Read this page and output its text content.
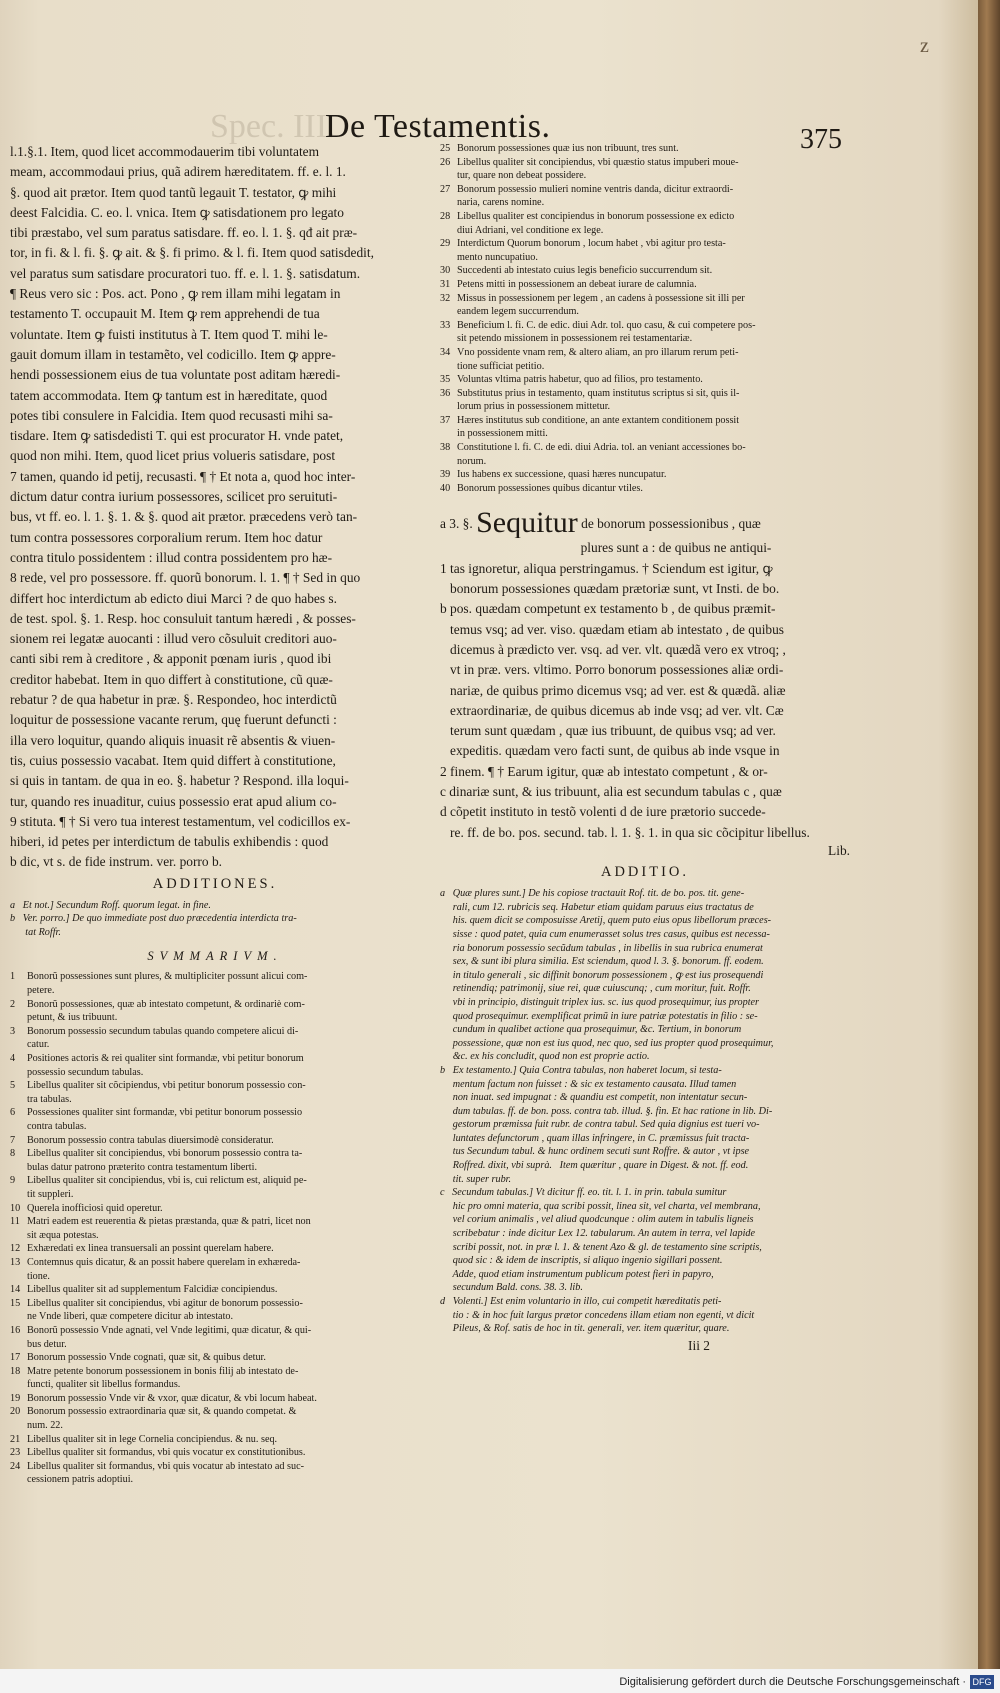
z
Spec. III.
De Testamentis.	375
l.1.§.1. Item, quod licet accommodauerim tibi voluntatem
meam, accommodaui prius, quã adirem hæreditatem. ff. e. l. 1.
§. quod ait prætor. Item quod tantũ legauit T. testator, ꝙ mihi
deest Falcidia. C. eo. l. vnica. Item ꝙ satisdationem pro legato
tibi præstabo, vel sum paratus satisdare. ff. eo. l. 1. §. qđ ait præ-
tor, in fi. & l. fi. §. ꝙ ait. & §. fi primo. & l. fi. Item quod satisdedit,
vel paratus sum satisdare procuratori tuo. ff. e. l. 1. §. satisdatum.
¶ Reus vero sic : Pos. act. Pono , ꝙ rem illam mihi legatam in
testamento T. occupauit M. Item ꝙ rem apprehendi de tua
voluntate. Item ꝙ fuisti institutus à T. Item quod T. mihi le-
gauit domum illam in testamẽto, vel codicillo. Item ꝙ appre-
hendi possessionem eius de tua voluntate post aditam hæredi-
tatem accommodata. Item ꝙ tantum est in hæreditate, quod
potes tibi consulere in Falcidia. Item quod recusasti mihi sa-
tisdare. Item ꝙ satisdedisti T. qui est procurator H. vnde patet,
quod non mihi. Item, quod licet prius volueris satisdare, post
7 tamen, quando id petij, recusasti. ¶ † Et nota a, quod hoc inter-
dictum datur contra iurium possessores, scilicet pro seruituti-
bus, vt ff. eo. l. 1. §. 1. & §. quod ait prætor. præcedens verò tan-
tum contra possessores corporalium rerum. Item hoc datur
contra titulo possidentem : illud contra possidentem pro hæ-
8 rede, vel pro possessore. ff. quorũ bonorum. l. 1. ¶ † Sed in quo
differt hoc interdictum ab edicto diui Marci ? de quo habes s.
de test. spol. §. 1. Resp. hoc consuluit tantum hæredi , & posses-
sionem rei legatæ auocanti : illud vero cõsuluit creditori auo-
canti sibi rem à creditore , & apponit pœnam iuris , quod ibi
creditor habebat. Item in quo differt à constitutione, cũ quæ-
rebatur ? de qua habetur in præ. §. Respondeo, hoc interdictũ
loquitur de possessione vacante rerum, quę fuerunt defuncti :
illa vero loquitur, quando aliquis inuasit rẽ absentis & viuen-
tis, cuius possessio vacabat. Item quid differt à constitutione,
si quis in tantam. de qua in eo. §. habetur ? Respond. illa loqui-
tur, quando res inuaditur, cuius possessio erat apud alium co-
9 stituta. ¶ † Si vero tua interest testamentum, vel codicillos ex-
hiberi, id petes per interdictum de tabulis exhibendis : quod
b dic, vt s. de fide instrum. ver. porro b.
ADDITIONES.
a   Et not.] Secundum Roff. quorum legat. in fine.
b   Ver. porro.] De quo immediate post duo præcedentia interdicta tra-
tat Roffr.
SVMMARIVM.
1 Bonorũ possessiones sunt plures, & multipliciter possunt alicui com-
petere.
2 Bonorũ possessiones, quæ ab intestato competunt, & ordinariè com-
petunt, & ius tribuunt.
3 Bonorum possessio secundum tabulas quando competere alicui di-
catur.
4 Positiones actoris & rei qualiter sint formandæ, vbi petitur bonorum
possessio secundum tabulas.
5 Libellus qualiter sit cõcipiendus, vbi petitur bonorum possessio con-
tra tabulas.
6 Possessiones qualiter sint formandæ, vbi petitur bonorum possessio
contra tabulas.
7 Bonorum possessio contra tabulas diuersimodè consideratur.
8 Libellus qualiter sit concipiendus, vbi bonorum possessio contra ta-
bulas datur patrono præterito contra testamentum liberti.
9 Libellus qualiter sit concipiendus, vbi is, cui relictum est, aliquid pe-
tit suppleri.
10 Querela inofficiosi quid operetur.
11 Matri eadem est reuerentia & pietas præstanda, quæ & patri, licet non
sit æqua potestas.
12 Exhæredati ex linea transuersali an possint querelam habere.
13 Contemnus quis dicatur, & an possit habere querelam in exhæreda-
tione.
14 Libellus qualiter sit ad supplementum Falcidiæ concipiendus.
15 Libellus qualiter sit concipiendus, vbi agitur de bonorum possessio-
ne Vnde liberi, quæ competere dicitur ab intestato.
16 Bonorũ possessio Vnde agnati, vel Vnde legitimi, quæ dicatur, & qui-
bus detur.
17 Bonorum possessio Vnde cognati, quæ sit, & quibus detur.
18 Matre petente bonorum possessionem in bonis filij ab intestato de-
functi, qualiter sit libellus formandus.
19 Bonorum possessio Vnde vir & vxor, quæ dicatur, & vbi locum habeat.
20 Bonorum possessio extraordinaria quæ sit, & quando competat. &
num. 22.
21 Libellus qualiter sit in lege Cornelia concipiendus. & nu. seq.
23 Libellus qualiter sit formandus, vbi quis vocatur ex constitutionibus.
24 Libellus qualiter sit formandus, vbi quis vocatur ab intestato ad suc-
cessionem patris adoptiui.
25 Bonorum possessiones quæ ius non tribuunt, tres sunt.
26 Libellus qualiter sit concipiendus, vbi quæstio status impuberi moue-
tur, quare non debeat possidere.
27 Bonorum possessio mulieri nomine ventris danda, dicitur extraordi-
naria, carens nomine.
28 Libellus qualiter est concipiendus in bonorum possessione ex edicto
diui Adriani, vel conditione ex lege.
29 Interdictum Quorum bonorum , locum habet , vbi agitur pro testa-
mento nuncupatiuo.
30 Succedenti ab intestato cuius legis beneficio succurrendum sit.
31 Petens mitti in possessionem an debeat iurare de calumnia.
32 Missus in possessionem per legem , an cadens à possessione sit illi per
eandem legem succurrendum.
33 Beneficium l. fi. C. de edic. diui Adr. tol. quo casu, & cui competere pos-
sit petendo missionem in possessionem rei testamentariæ.
34 Vno possidente vnam rem, & altero aliam, an pro illarum rerum peti-
tione sufficiat petitio.
35 Voluntas vltima patris habetur, quo ad filios, pro testamento.
36 Substitutus prius in testamento, quam institutus scriptus si sit, quis il-
lorum prius in possessionem mittetur.
37 Hæres institutus sub conditione, an ante extantem conditionem possit
in possessionem mitti.
38 Constitutione l. fi. C. de edi. diui Adria. tol. an veniant accessiones bo-
norum.
39 Ius habens ex successione, quasi hæres nuncupatur.
40 Bonorum possessiones quibus dicantur vtiles.
a 3. §. Sequitur de bonorum possessionibus , quæ
plures sunt a : de quibus ne antiqui-
1 tas ignoretur, aliqua perstringamus. † Sciendum est igitur, ꝙ
bonorum possessiones quædam prætoriæ sunt, vt Insti. de bo.
b pos. quædam competunt ex testamento b , de quibus præmit-
temus vsq; ad ver. viso. quædam etiam ab intestato , de quibus
dicemus à prædicto ver. vsq. ad ver. vlt. quædã vero ex vtroq; ,
vt in præ. vers. vltimo. Porro bonorum possessiones aliæ ordi-
nariæ, de quibus primo dicemus vsq; ad ver. est & quædã. aliæ
extraordinariæ, de quibus dicemus ab inde vsq; ad ver. vlt. Cæ
terum sunt quædam , quæ ius tribuunt, de quibus vsq; ad ver.
expeditis. quædam vero facti sunt, de quibus ab inde vsque in
2 finem. ¶ † Earum igitur, quæ ab intestato competunt , & or-
c dinariæ sunt, & ius tribuunt, alia est secundum tabulas c , quæ
d cõpetit instituto in testõ volenti d de iure prætorio succede-
re. ff. de bo. pos. secund. tab. l. 1. §. 1. in qua sic cõcipitur libellus.
Lib.
ADDITIO.
a   Quæ plures sunt.] De his copiose tractauit Rof. tit. de bo. pos. tit. gene-
rali, cum 12. rubricis seq. Habetur etiam quidam paruus eius tractatus de
his. quem dicit se composuisse Aretij, quem puto eius opus libellorum præces-
sisse : quod patet, quia cum enumerasset solus tres casus, quibus est necessa-
ria bonorum possessio secũdum tabulas , in libellis in sua rubrica enumerat
sex, & sunt ibi plura similia. Est sciendum, quod l. 3. §. bonorum. ff. eodem.
in titulo generali , sic diffinit bonorum possessionem , ꝙ est ius prosequendi
retinendiq; patrimonij, siue rei, quæ cuiuscunq; , cum moritur, fuit. Roffr.
vbi in principio, distinguit triplex ius. sc. ius quod prosequimur, ius propter
quod prosequimur. exemplificat primũ in iure patriæ potestatis in filio : se-
cundum in qualibet actione qua prosequimur, &c. Tertium, in bonorum
possessione, quæ non est ius quod, nec quo, sed ius propter quod prosequimur,
&c. ex his concludit, quod non est proprie actio.
b   Ex testamento.] Quia Contra tabulas, non haberet locum, si testa-
mentum factum non fuisset : & sic ex testamento causata. Illud tamen
non inuat. sed impugnat : & quandiu est competit, non intentatur secun-
dum tabulas. ff. de bon. poss. contra tab. illud. §. fin. Et hac ratione in lib. Di-
gestorum præmissa fuit rubr. de contra tabul. Sed quia dignius est tueri vo-
luntates defunctorum , quam illas infringere, in C. præmissus fuit tracta-
tus Secundum tabul. & hunc ordinem secuti sunt Roffre. & autor , vt ipse
Roffred. dixit, vbi suprà.   Item quæritur , quare in Digest. & not. ff. eod.
tit. super rubr.
c   Secundum tabulas.] Vt dicitur ff. eo. tit. l. 1. in prin. tabula sumitur
hic pro omni materia, qua scribi possit, linea sit, vel charta, vel membrana,
vel corium animalis , vel aliud quodcunque : olim autem in tabulis ligneis
scribebatur : inde dicitur Lex 12. tabularum. An autem in terra, vel lapide
scribi possit, not. in præ l. 1. & tenent Azo & gl. de testamento sine scriptis,
quod sic : & idem de inscriptis, si aliquo ingenio sigillari possent.
Adde, quod etiam instrumentum publicum potest fieri in papyro,
secundum Bald. cons. 38. 3. lib.
d   Volenti.] Est enim voluntario in illo, cui competit hæreditatis peti-
tio : & in hoc fuit largus prætor concedens illam etiam non egenti, vt dicit
Pileus, & Rof. satis de hoc in tit. generali, ver. item quæritur, quare.
Iii 2
Digitalisierung gefördert durch die Deutsche Forschungsgemeinschaft · DFG
